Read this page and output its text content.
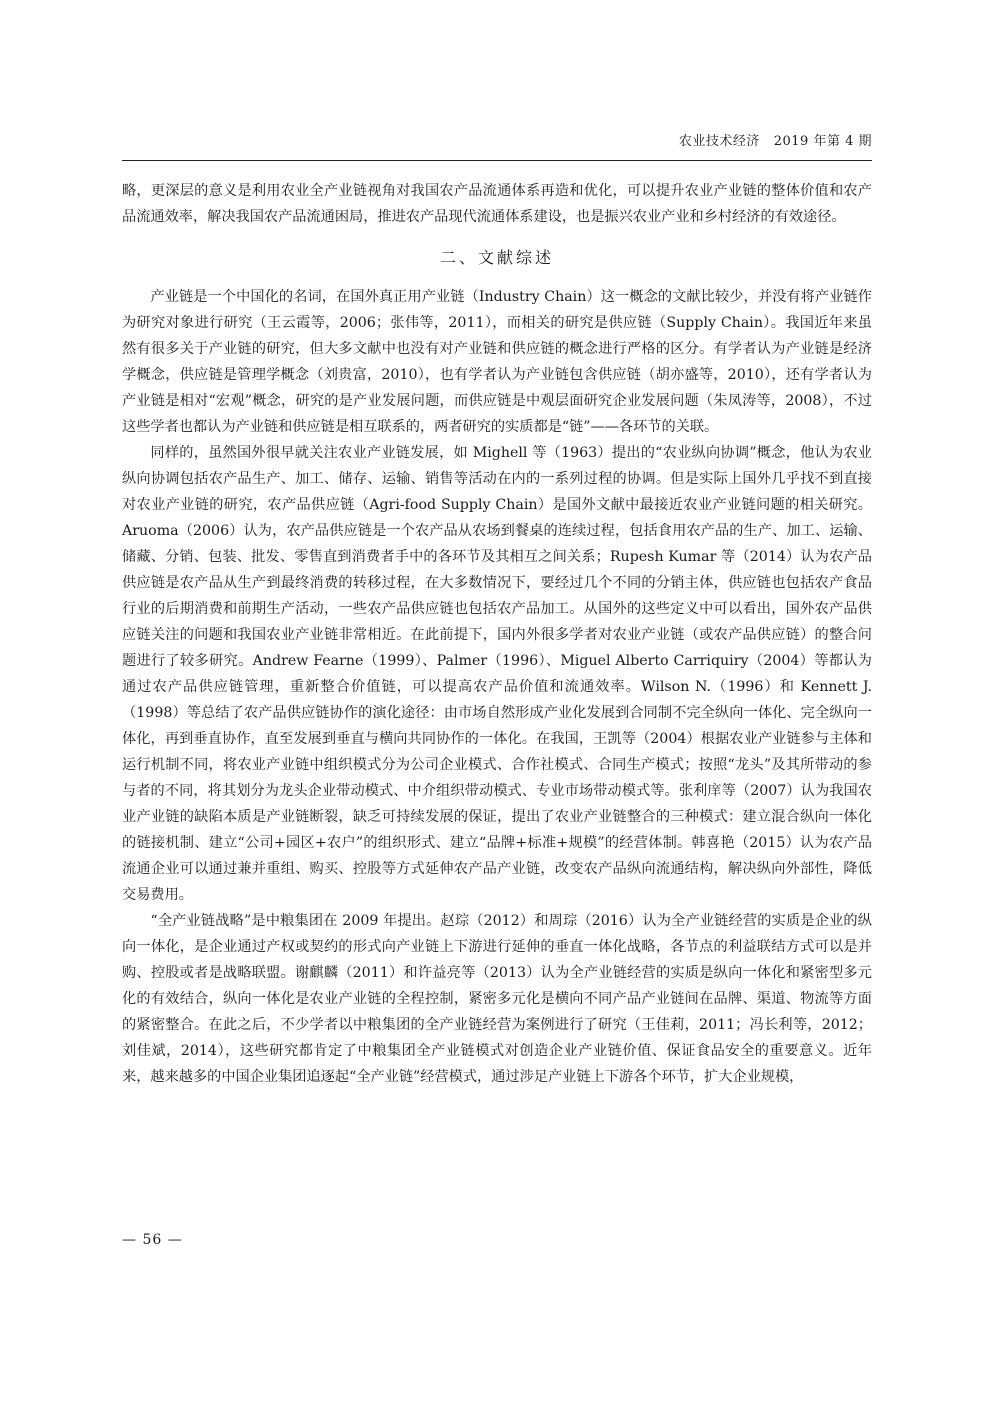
农业技术经济 2019 年第 4 期

略，更深层的意义是利用农业全产业链视角对我国农产品流通体系再造和优化，可以提升农业产业链的整体价值和农产品流通效率，解决我国农产品流通困局，推进农产品现代流通体系建设，也是振兴农业产业和乡村经济的有效途径。

二、文献综述

产业链是一个中国化的名词，在国外真正用产业链（Industry Chain）这一概念的文献比较少，并没有将产业链作为研究对象进行研究（王云霞等，2006；张伟等，2011），而相关的研究是供应链（Supply Chain）。我国近年来虽然有很多关于产业链的研究，但大多文献中也没有对产业链和供应链的概念进行严格的区分。有学者认为产业链是经济学概念，供应链是管理学概念（刘贵富，2010），也有学者认为产业链包含供应链（胡亦盛等，2010），还有学者认为产业链是相对“宏观”概念，研究的是产业发展问题，而供应链是中观层面研究企业发展问题（朱凤涛等，2008），不过这些学者也都认为产业链和供应链是相互联系的，两者研究的实质都是“链”——各环节的关联。

同样的，虽然国外很早就关注农业产业链发展，如 Mighell 等（1963）提出的“农业纵向协调”概念，他认为农业纵向协调包括农产品生产、加工、储存、运输、销售等活动在内的一系列过程的协调。但是实际上国外几乎找不到直接对农业产业链的研究，农产品供应链（Agri-food Supply Chain）是国外文献中最接近农业产业链问题的相关研究。Aruoma（2006）认为，农产品供应链是一个农产品从农场到餐桌的连续过程，包括食用农产品的生产、加工、运输、储藏、分销、包装、批发、零售直到消费者手中的各环节及其相互之间关系；Rupesh Kumar 等（2014）认为农产品供应链是农产品从生产到最终消费的转移过程，在大多数情况下，要经过几个不同的分销主体，供应链也包括农产食品行业的后期消费和前期生产活动，一些农产品供应链也包括农产品加工。从国外的这些定义中可以看出，国外农产品供应链关注的问题和我国农业产业链非常相近。在此前提下，国内外很多学者对农业产业链（或农产品供应链）的整合问题进行了较多研究。Andrew Fearne（1999）、Palmer（1996）、Miguel Alberto Carriquiry（2004）等都认为通过农产品供应链管理，重新整合价值链，可以提高农产品价值和流通效率。Wilson N.（1996）和 Kennett J.（1998）等总结了农产品供应链协作的演化途径：由市场自然形成产业化发展到合同制不完全纵向一体化、完全纵向一体化，再到垂直协作，直至发展到垂直与横向共同协作的一体化。在我国，王凯等（2004）根据农业产业链参与主体和运行机制不同，将农业产业链中组织模式分为公司企业模式、合作社模式、合同生产模式；按照“龙头”及其所带动的参与者的不同，将其划分为龙头企业带动模式、中介组织带动模式、专业市场带动模式等。张利庠等（2007）认为我国农业产业链的缺陷本质是产业链断裂，缺乏可持续发展的保证，提出了农业产业链整合的三种模式：建立混合纵向一体化的链接机制、建立“公司+园区+农户”的组织形式、建立“品牌+标准+规模”的经营体制。韩喜艳（2015）认为农产品流通企业可以通过兼并重组、购买、控股等方式延伸农产品产业链，改变农产品纵向流通结构，解决纵向外部性，降低交易费用。

“全产业链战略”是中粮集团在 2009 年提出。赵琮（2012）和周琮（2016）认为全产业链经营的实质是企业的纵向一体化，是企业通过产权或契约的形式向产业链上下游进行延伸的垂直一体化战略，各节点的利益联结方式可以是并购、控股或者是战略联盟。谢麒麟（2011）和许益亮等（2013）认为全产业链经营的实质是纵向一体化和紧密型多元化的有效结合，纵向一体化是农业产业链的全程控制，紧密多元化是横向不同产品产业链间在品牌、渠道、物流等方面的紧密整合。在此之后，不少学者以中粮集团的全产业链经营为案例进行了研究（王佳莉，2011；冯长利等，2012；刘佳斌，2014），这些研究都肯定了中粮集团全产业链模式对创造企业产业链价值、保证食品安全的重要意义。近年来，越来越多的中国企业集团追逐起“全产业链”经营模式，通过涉足产业链上下游各个环节，扩大企业规模，

— 56 —
